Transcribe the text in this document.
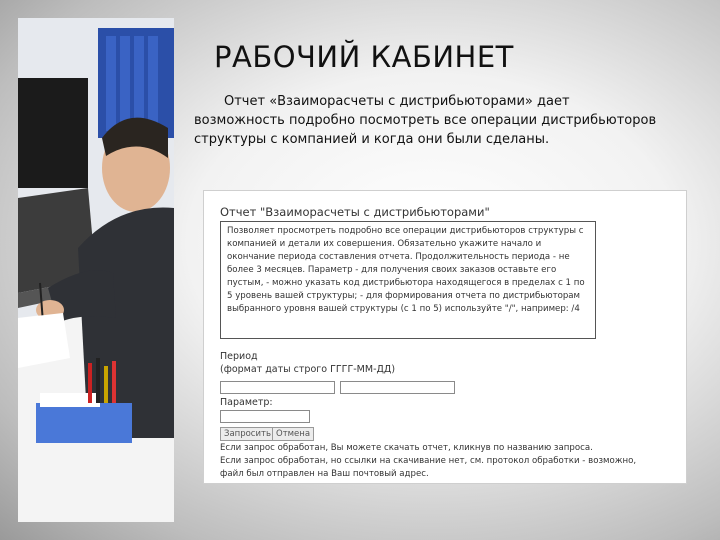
РАБОЧИЙ КАБИНЕТ
Отчет «Взаиморасчеты с дистрибьюторами» дает возможность подробно посмотреть все операции дистрибьюторов структуры с компанией и когда они были сделаны.
Отчет "Взаиморасчеты с дистрибьюторами"
Позволяет просмотреть подробно все операции дистрибьюторов структуры с компанией и детали их совершения. Обязательно укажите начало и окончание периода составления отчета. Продолжительность периода - не более 3 месяцев. Параметр - для получения своих заказов оставьте его пустым, - можно указать код дистрибьютора находящегося в пределах с 1 по 5 уровень вашей структуры; - для формирования отчета по дистрибьюторам выбранного уровня вашей структуры (с 1 по 5) используйте "/", например: /4
Период
(формат даты строго ГГГГ-ММ-ДД)
Параметр:
Запросить Отмена
Если запрос обработан, Вы можете скачать отчет, кликнув по названию запроса.
Если запрос обработан, но ссылки на скачивание нет, см. протокол обработки - возможно,
файл был отправлен на Ваш почтовый адрес.
